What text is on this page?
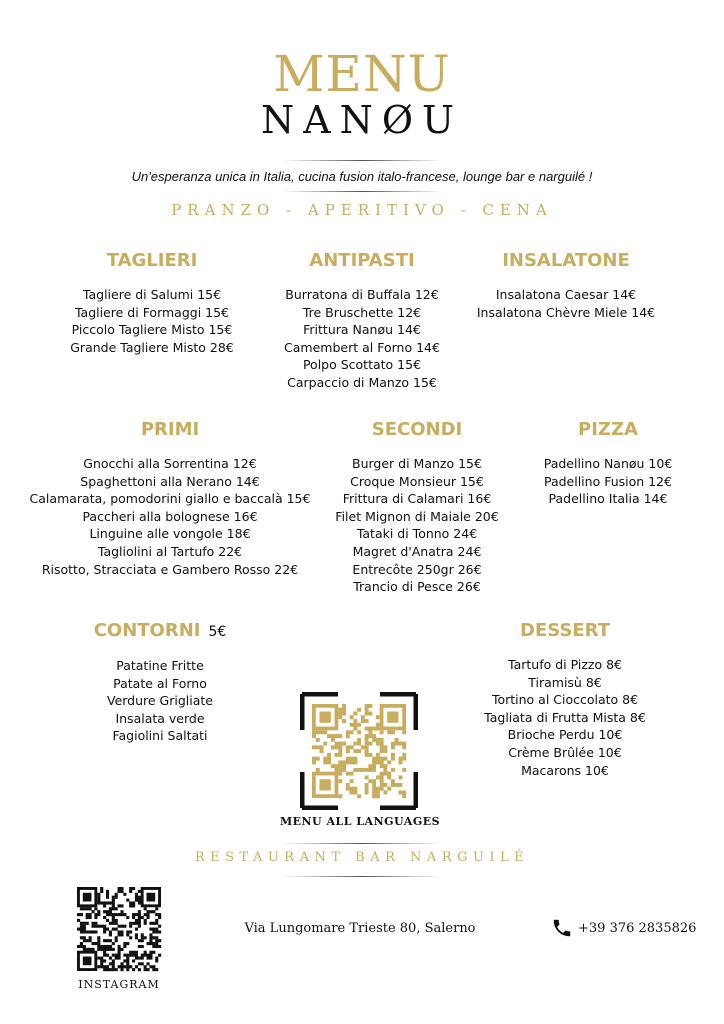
MENU
NANØU
Un'esperanza unica in Italia, cucina fusion italo-francese, lounge bar e narguilé !
PRANZO - APERITIVO - CENA
TAGLIERI
Tagliere di Salumi 15€
Tagliere di Formaggi 15€
Piccolo Tagliere Misto 15€
Grande Tagliere Misto 28€
ANTIPASTI
Burratona di Buffala 12€
Tre Bruschette 12€
Frittura Nanøu 14€
Camembert al Forno 14€
Polpo Scottato 15€
Carpaccio di Manzo 15€
INSALATONE
Insalatona Caesar 14€
Insalatona Chèvre Miele 14€
PRIMI
Gnocchi alla Sorrentina 12€
Spaghettoni alla Nerano 14€
Calamarata, pomodorini giallo e baccalà 15€
Paccheri alla bolognese 16€
Linguine alle vongole 18€
Tagliolini al Tartufo 22€
Risotto, Stracciata e Gambero Rosso 22€
SECONDI
Burger di Manzo 15€
Croque Monsieur 15€
Frittura di Calamari 16€
Filet Mignon di Maiale 20€
Tataki di Tonno 24€
Magret d'Anatra 24€
Entrecôte 250gr 26€
Trancio di Pesce 26€
PIZZA
Padellino Nanøu 10€
Padellino Fusion 12€
Padellino Italia 14€
CONTORNI 5€
Patatine Fritte
Patate al Forno
Verdure Grigliate
Insalata verde
Fagiolini Saltati
DESSERT
Tartufo di Pizzo 8€
Tiramisù 8€
Tortino al Cioccolato 8€
Tagliata di Frutta Mista 8€
Brioche Perdu 10€
Crème Brûlée 10€
Macarons 10€
MENU ALL LANGUAGES
RESTAURANT BAR NARGUILÉ
INSTAGRAM
Via Lungomare Trieste 80, Salerno	+39 376 2835826
